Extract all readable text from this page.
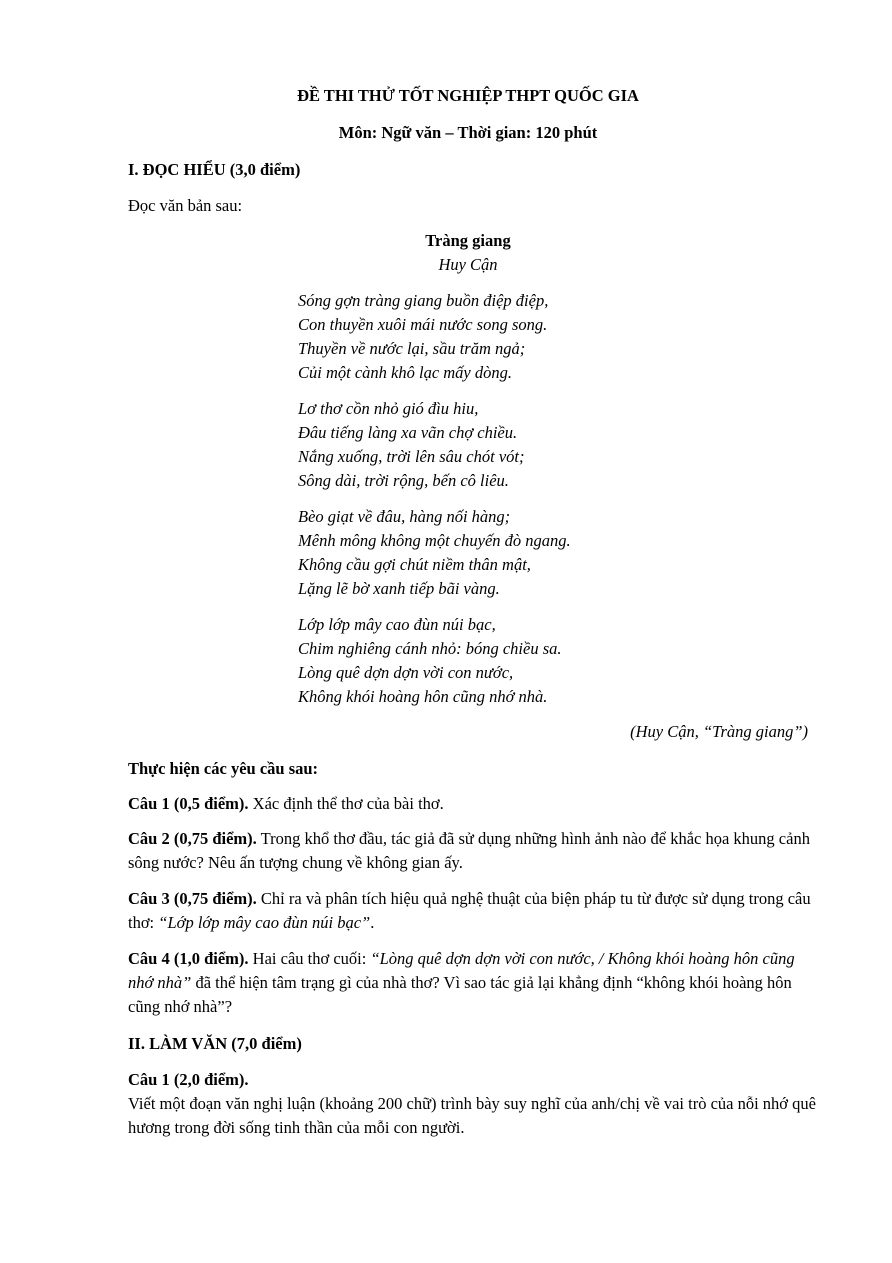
ĐỀ THI THỬ TỐT NGHIỆP THPT QUỐC GIA
Môn: Ngữ văn – Thời gian: 120 phút
I. ĐỌC HIỂU (3,0 điểm)
Đọc văn bản sau:
Tràng giang
Huy Cận
Sóng gợn tràng giang buồn điệp điệp,
Con thuyền xuôi mái nước song song.
Thuyền về nước lại, sầu trăm ngả;
Củi một cành khô lạc mấy dòng.
Lơ thơ cồn nhỏ gió đìu hiu,
Đâu tiếng làng xa vãn chợ chiều.
Nắng xuống, trời lên sâu chót vót;
Sông dài, trời rộng, bến cô liêu.
Bèo giạt về đâu, hàng nối hàng;
Mênh mông không một chuyến đò ngang.
Không cầu gợi chút niềm thân mật,
Lặng lẽ bờ xanh tiếp bãi vàng.
Lớp lớp mây cao đùn núi bạc,
Chim nghiêng cánh nhỏ: bóng chiều sa.
Lòng quê dợn dợn vời con nước,
Không khói hoàng hôn cũng nhớ nhà.
(Huy Cận, “Tràng giang”)
Thực hiện các yêu cầu sau:
Câu 1 (0,5 điểm). Xác định thể thơ của bài thơ.
Câu 2 (0,75 điểm). Trong khổ thơ đầu, tác giả đã sử dụng những hình ảnh nào để khắc họa khung cảnh sông nước? Nêu ấn tượng chung về không gian ấy.
Câu 3 (0,75 điểm). Chỉ ra và phân tích hiệu quả nghệ thuật của biện pháp tu từ được sử dụng trong câu thơ: “Lớp lớp mây cao đùn núi bạc”.
Câu 4 (1,0 điểm). Hai câu thơ cuối: “Lòng quê dợn dợn vời con nước, / Không khói hoàng hôn cũng nhớ nhà” đã thể hiện tâm trạng gì của nhà thơ? Vì sao tác giả lại khẳng định “không khói hoàng hôn cũng nhớ nhà”?
II. LÀM VĂN (7,0 điểm)
Câu 1 (2,0 điểm).
Viết một đoạn văn nghị luận (khoảng 200 chữ) trình bày suy nghĩ của anh/chị về vai trò của nỗi nhớ quê hương trong đời sống tinh thần của mỗi con người.
